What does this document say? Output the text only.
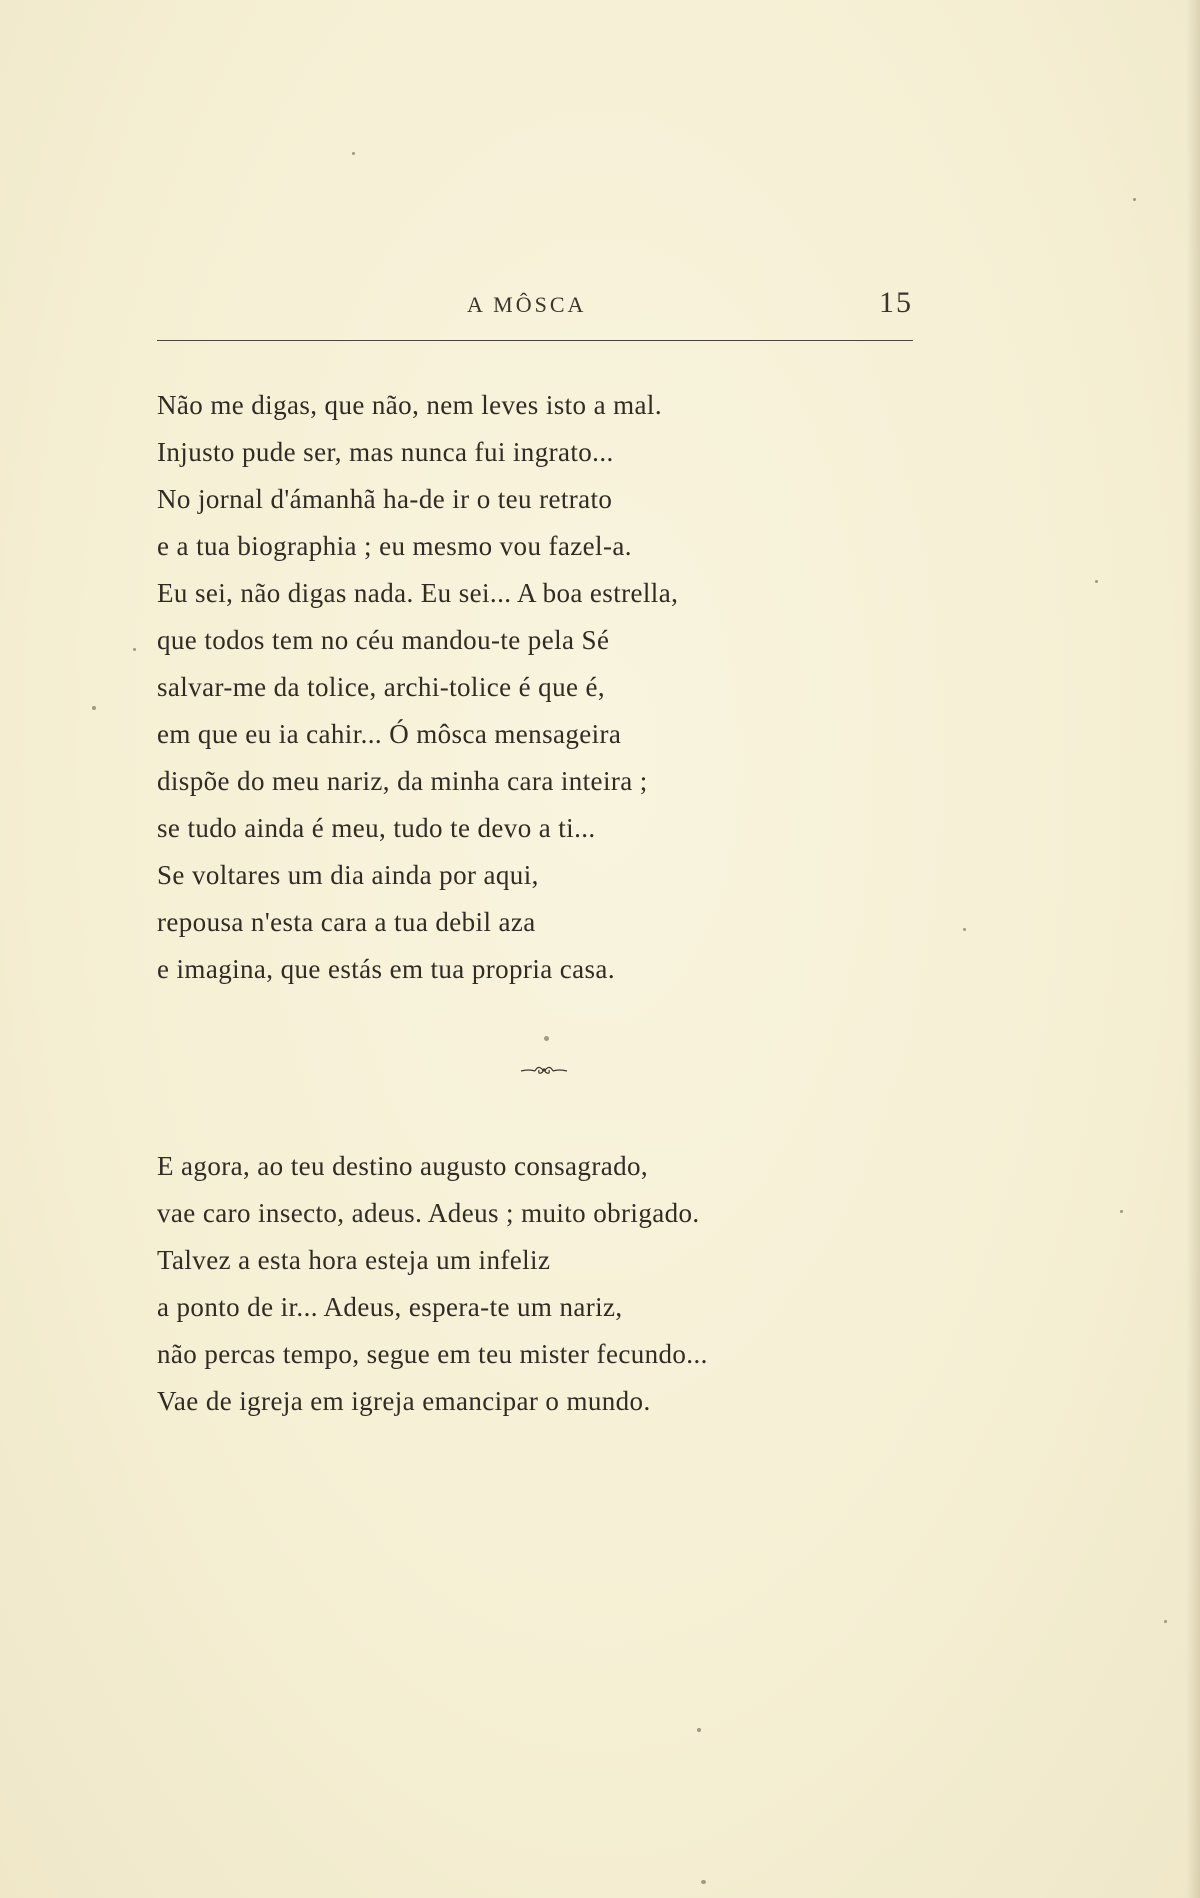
A MÔSCA	15
Não me digas, que não, nem leves isto a mal.
Injusto pude ser, mas nunca fui ingrato...
No jornal d'ámanhã ha-de ir o teu retrato
e a tua biographia ; eu mesmo vou fazel-a.
Eu sei, não digas nada. Eu sei... A boa estrella,
que todos tem no céu mandou-te pela Sé
salvar-me da tolice, archi-tolice é que é,
em que eu ia cahir... Ó môsca mensageira
dispõe do meu nariz, da minha cara inteira ;
se tudo ainda é meu, tudo te devo a ti...
Se voltares um dia ainda por aqui,
repousa n'esta cara a tua debil aza
e imagina, que estás em tua propria casa.
E agora, ao teu destino augusto consagrado,
vae caro insecto, adeus. Adeus ; muito obrigado.
Talvez a esta hora esteja um infeliz
a ponto de ir... Adeus, espera-te um nariz,
não percas tempo, segue em teu mister fecundo...
Vae de igreja em igreja emancipar o mundo.
